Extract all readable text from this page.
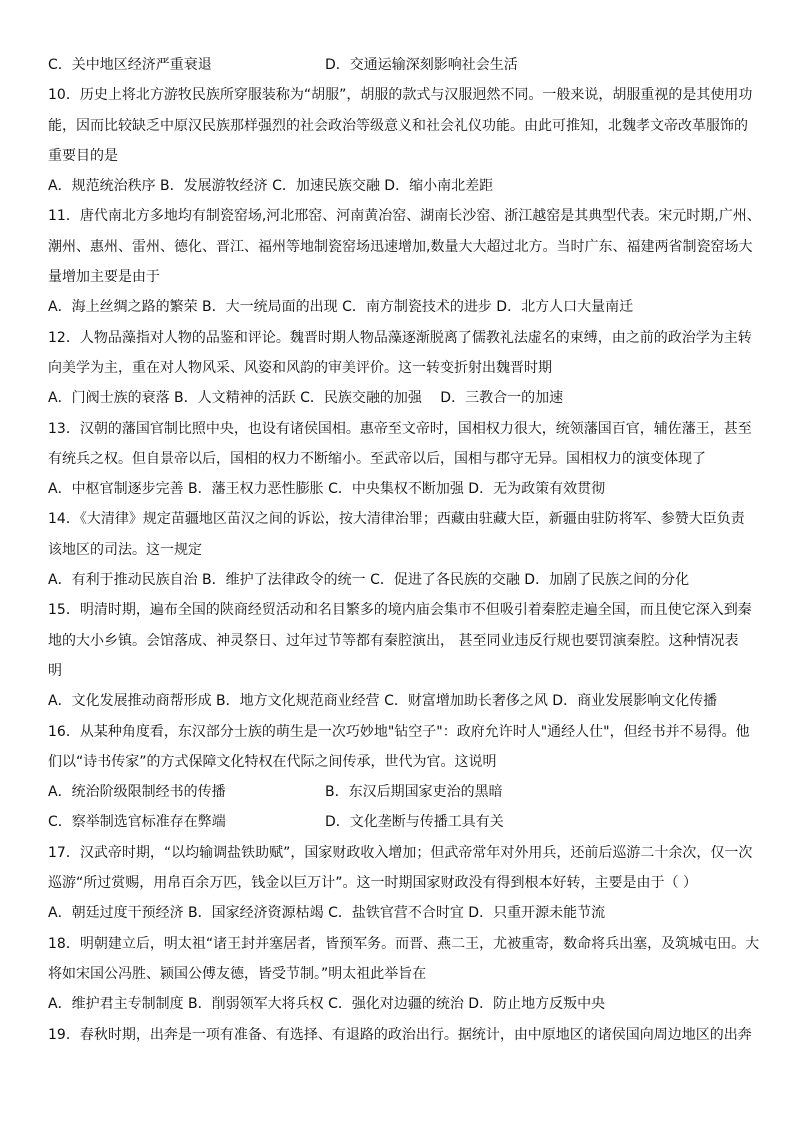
C．关中地区经济严重衰退	D．交通运输深刻影响社会生活
10．历史上将北方游牧民族所穿服装称为“胡服”，胡服的款式与汉服迥然不同。一般来说，胡服重视的是其使用功
能，因而比较缺乏中原汉民族那样强烈的社会政治等级意义和社会礼仪功能。由此可推知，北魏孝文帝改革服饰的
重要目的是
A．规范统治秩序 B．发展游牧经济 C．加速民族交融 D．缩小南北差距
11．唐代南北方多地均有制瓷窑场,河北邢窑、河南黄冶窑、湖南长沙窑、浙江越窑是其典型代表。宋元时期,广州、
潮州、惠州、雷州、德化、晋江、福州等地制瓷窑场迅速增加,数量大大超过北方。当时广东、福建两省制瓷窑场大
量增加主要是由于
A．海上丝绸之路的繁荣 B．大一统局面的出现 C．南方制瓷技术的进步 D．北方人口大量南迁
12．人物品藻指对人物的品鉴和评论。魏晋时期人物品藻逐渐脱离了儒教礼法虚名的束缚，由之前的政治学为主转
向美学为主，重在对人物风采、风姿和风韵的审美评价。这一转变折射出魏晋时期
A．门阀士族的衰落 B．人文精神的活跃 C．民族交融的加强　 D．三教合一的加速
13．汉朝的藩国官制比照中央，也设有诸侯国相。惠帝至文帝时，国相权力很大，统领藩国百官，辅佐藩王，甚至
有统兵之权。但自景帝以后，国相的权力不断缩小。至武帝以后，国相与郡守无异。国相权力的演变体现了
A．中枢官制逐步完善 B．藩王权力恶性膨胀 C．中央集权不断加强 D．无为政策有效贯彻
14．《大清律》规定苗疆地区苗汉之间的诉讼，按大清律治罪；西藏由驻藏大臣，新疆由驻防将军、参赞大臣负责
该地区的司法。这一规定
A．有利于推动民族自治 B．维护了法律政令的统一 C．促进了各民族的交融 D．加剧了民族之间的分化
15．明清时期，遍布全国的陕商经贸活动和名目繁多的境内庙会集市不但吸引着秦腔走遍全国，而且使它深入到秦
地的大小乡镇。会馆落成、神灵祭日、过年过节等都有秦腔演出， 甚至同业违反行规也要罚演秦腔。这种情况表
明
A．文化发展推动商帮形成 B．地方文化规范商业经营 C．财富增加助长奢侈之风 D．商业发展影响文化传播
16．从某种角度看，东汉部分士族的萌生是一次巧妙地"钻空子"：政府允许时人"通经人仕"，但经书并不易得。他
们以“诗书传家”的方式保障文化特权在代际之间传承，世代为官。这说明
A．统治阶级限制经书的传播	B．东汉后期国家吏治的黑暗
C．察举制选官标准存在弊端	D．文化垄断与传播工具有关
17．汉武帝时期，“以均输调盐铁助赋”，国家财政收入增加；但武帝常年对外用兵，还前后巡游二十余次，仅一次
巡游“所过赏赐，用帛百余万匹，钱金以巨万计”。这一时期国家财政没有得到根本好转，主要是由于（ ）
A．朝廷过度干预经济 B．国家经济资源枯竭 C．盐铁官营不合时宜 D．只重开源未能节流
18．明朝建立后，明太祖“诸王封并塞居者，皆预军务。而晋、燕二王，尤被重寄，数命将兵出塞，及筑城屯田。大
将如宋国公冯胜、颍国公傅友德，皆受节制。”明太祖此举旨在
A．维护君主专制制度 B．削弱领军大将兵权 C．强化对边疆的统治 D．防止地方反叛中央
19．春秋时期，出奔是一项有准备、有选择、有退路的政治出行。据统计，由中原地区的诸侯国向周边地区的出奔
